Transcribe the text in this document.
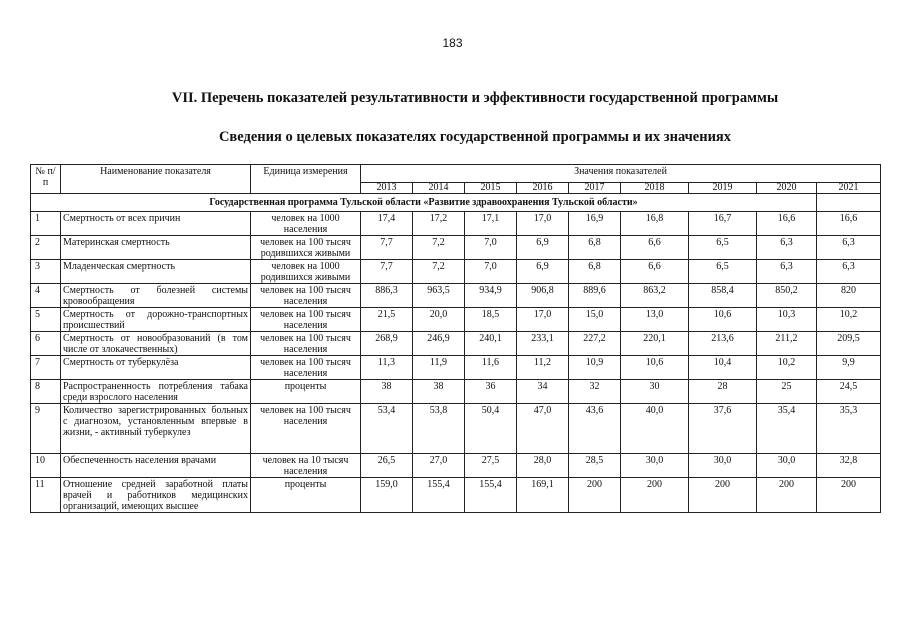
183
VII. Перечень показателей результативности и эффективности государственной программы
Сведения о целевых показателях государственной программы и их значениях
№ п/п	Наименование показателя	Единица измерения	Значения показателей								
			2013	2014	2015	2016	2017	2018	2019	2020	2021
Государственная программа Тульской области «Развитие здравоохранения Тульской области»											
1	Смертность от всех причин	человек на 1000 населения	17,4	17,2	17,1	17,0	16,9	16,8	16,7	16,6	16,6
2	Материнская смертность	человек на 100 тысяч родившихся живыми	7,7	7,2	7,0	6,9	6,8	6,6	6,5	6,3	6,3
3	Младенческая смертность	человек на 1000 родившихся живыми	7,7	7,2	7,0	6,9	6,8	6,6	6,5	6,3	6,3
4	Смертность от болезней системы кровообращения	человек на 100 тысяч населения	886,3	963,5	934,9	906,8	889,6	863,2	858,4	850,2	820
5	Смертность от дорожно-транспортных происшествий	человек на 100 тысяч населения	21,5	20,0	18,5	17,0	15,0	13,0	10,6	10,3	10,2
6	Смертность от новообразований (в том числе от злокачественных)	человек на 100 тысяч населения	268,9	246,9	240,1	233,1	227,2	220,1	213,6	211,2	209,5
7	Смертность от туберкулёза	человек на 100 тысяч населения	11,3	11,9	11,6	11,2	10,9	10,6	10,4	10,2	9,9
8	Распространенность потребления табака среди взрослого населения	проценты	38	38	36	34	32	30	28	25	24,5
9	Количество зарегистрированных больных с диагнозом, установленным впервые в жизни, - активный туберкулез	человек на 100 тысяч населения	53,4	53,8	50,4	47,0	43,6	40,0	37,6	35,4	35,3
10	Обеспеченность населения врачами	человек на 10 тысяч населения	26,5	27,0	27,5	28,0	28,5	30,0	30,0	30,0	32,8
11	Отношение средней заработной платы врачей и работников медицинских организаций, имеющих высшее	проценты	159,0	155,4	155,4	169,1	200	200	200	200	200
